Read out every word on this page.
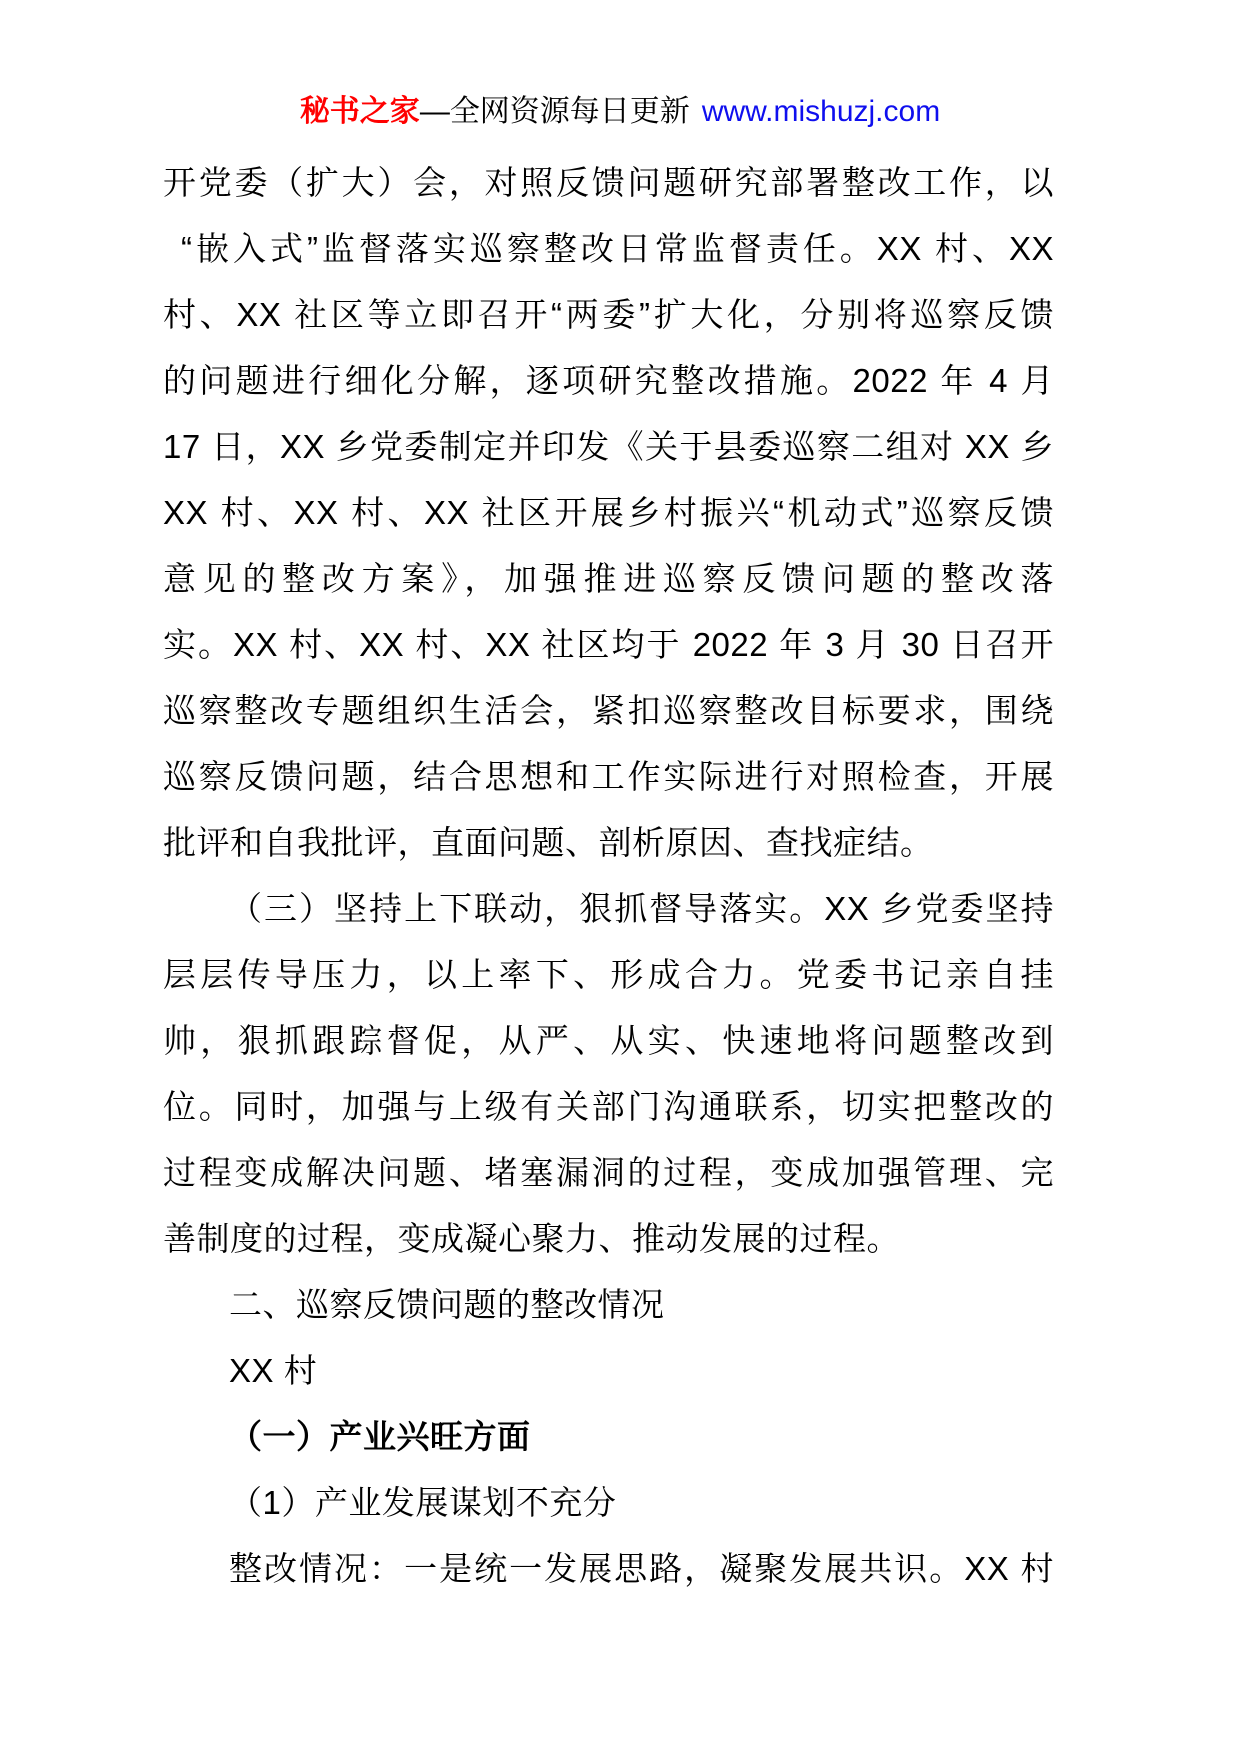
秘书之家—全网资源每日更新 www.mishuzj.com
开党委（扩大）会，对照反馈问题研究部署整改工作，以
“嵌入式”监督落实巡察整改日常监督责任。XX 村、XX
村、XX 社区等立即召开“两委”扩大化，分别将巡察反馈
的问题进行细化分解，逐项研究整改措施。2022 年 4 月
17 日，XX 乡党委制定并印发《关于县委巡察二组对 XX 乡
XX 村、XX 村、XX 社区开展乡村振兴“机动式”巡察反馈
意见的整改方案》，加强推进巡察反馈问题的整改落
实。XX 村、XX 村、XX 社区均于 2022 年 3 月 30 日召开
巡察整改专题组织生活会，紧扣巡察整改目标要求，围绕
巡察反馈问题，结合思想和工作实际进行对照检查，开展
批评和自我批评，直面问题、剖析原因、查找症结。
（三）坚持上下联动，狠抓督导落实。XX 乡党委坚持
层层传导压力，以上率下、形成合力。党委书记亲自挂
帅，狠抓跟踪督促，从严、从实、快速地将问题整改到
位。同时，加强与上级有关部门沟通联系，切实把整改的
过程变成解决问题、堵塞漏洞的过程，变成加强管理、完
善制度的过程，变成凝心聚力、推动发展的过程。
二、巡察反馈问题的整改情况
XX 村
（一）产业兴旺方面
（1）产业发展谋划不充分
整改情况：一是统一发展思路，凝聚发展共识。XX 村
